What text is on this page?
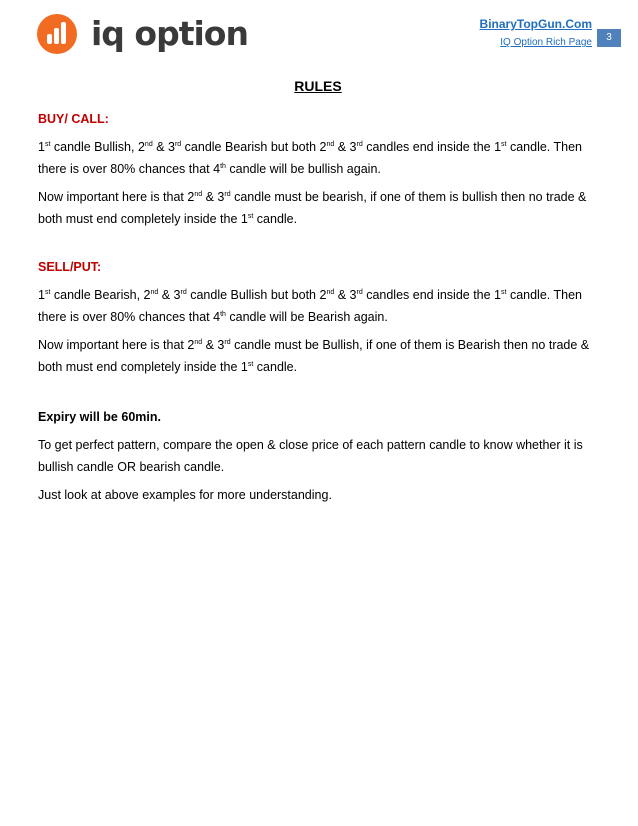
iq option	BinaryTopGun.Com
IQ Option Rich Page	3
RULES
BUY/ CALL:

1st candle Bullish, 2nd & 3rd candle Bearish but both 2nd & 3rd candles end inside the 1st candle. Then there is over 80% chances that 4th candle will be bullish again.

Now important here is that 2nd & 3rd candle must be bearish, if one of them is bullish then no trade & both must end completely inside the 1st candle.

SELL/PUT:

1st candle Bearish, 2nd & 3rd candle Bullish but both 2nd & 3rd candles end inside the 1st candle. Then there is over 80% chances that 4th candle will be Bearish again.

Now important here is that 2nd & 3rd candle must be Bullish, if one of them is Bearish then no trade & both must end completely inside the 1st candle.

Expiry will be 60min.

To get perfect pattern, compare the open & close price of each pattern candle to know whether it is bullish candle OR bearish candle.

Just look at above examples for more understanding.
